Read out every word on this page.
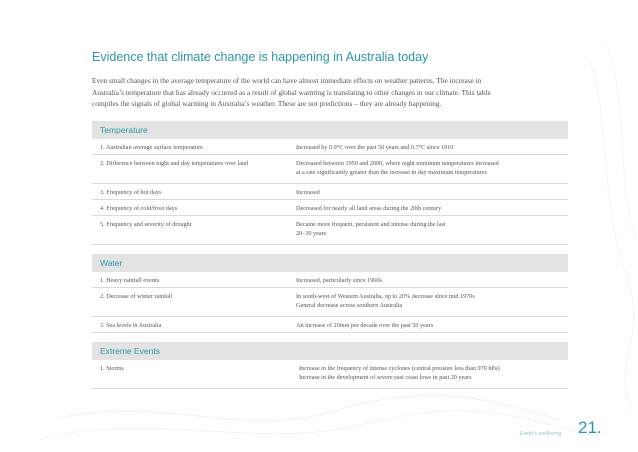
Evidence that climate change is happening in Australia today
Even small changes in the average temperature of the world can have almost immediate effects on weather patterns. The increase in
Australia’s temperature that has already occurred as a result of global warming is translating to other changes in our climate. This table
compiles the signals of global warming in Australia’s weather. These are not predictions – they are already happening.
Temperature
1. Australian average surface temperature	Increased by 0.9°C over the past 50 years and 0.7°C since 1910
2. Difference between night and day temperatures over land	Decreased between 1950 and 2000, where night minimum temperatures increased
at a rate significantly greater than the increase in day maximum temperatures
3. Frequency of hot days	Increased
4. Frequency of cold/frost days	Decreased for nearly all land areas during the 20th century
5. Frequency and severity of drought	Became more frequent, persistent and intense during the last
20–30 years
Water
1. Heavy rainfall events	Increased, particularly since 1960s
2. Decrease of winter rainfall	In south-west of Western Australia, up to 20% decrease since mid 1970s
General decrease across southern Australia
3. Sea levels in Australia	An increase of 20mm per decade over the past 50 years
Extreme Events
1. Storms	Increase in the frequency of intense cyclones (central pressure less than 970 hPa)
Increase in the development of severe east coast lows in past 20 years
Earth’s wellbeing 21.
